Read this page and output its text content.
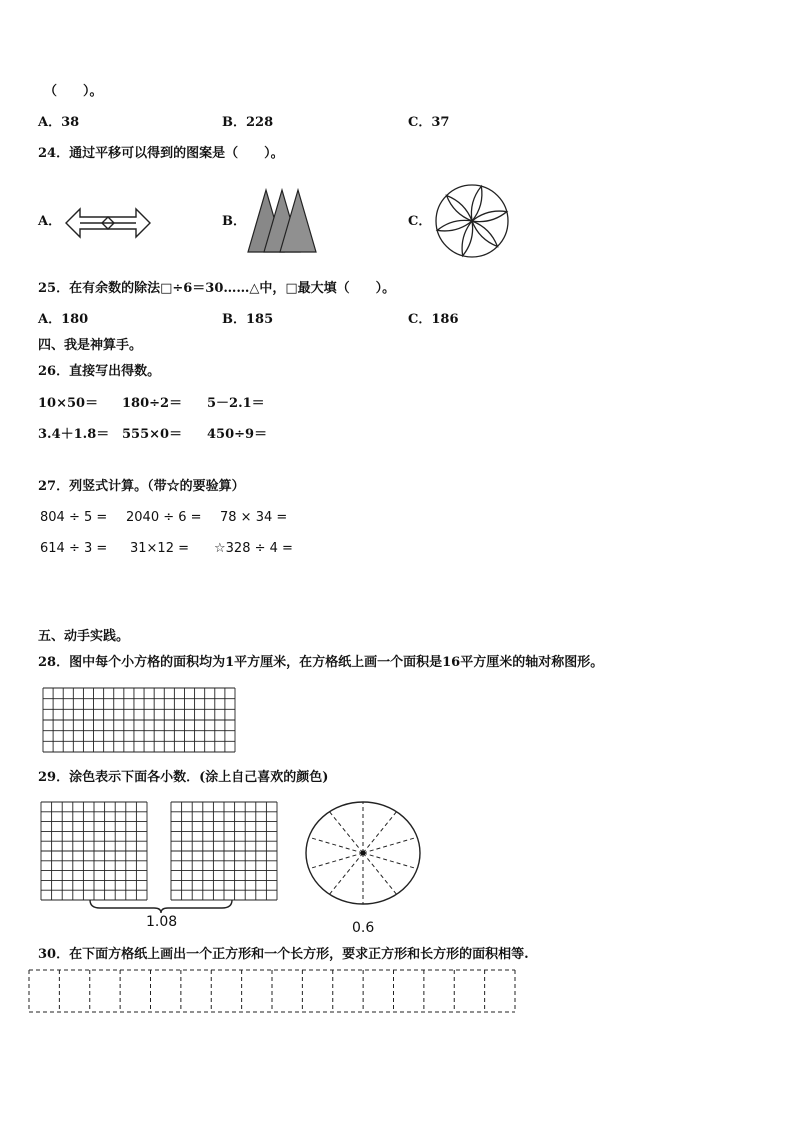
（　　）。
A．38	B．228	C．37
24．通过平移可以得到的图案是（　　）。
A．	B．	C．
25．在有余数的除法□÷6＝30……△中，□最大填（　　）。
A．180	B．185	C．186
四、我是神算手。
26．直接写出得数。
10×50＝ 180÷2＝ 5－2.1＝
3.4＋1.8＝ 555×0＝ 450÷9＝
27．列竖式计算。（带☆的要验算）
804 ÷ 5 = 2040 ÷ 6 = 78 × 34 =
614 ÷ 3 = 31×12 = ☆328 ÷ 4 =
五、动手实践。
28．图中每个小方格的面积均为1平方厘米，在方格纸上画一个面积是16平方厘米的轴对称图形。
29．涂色表示下面各小数．(涂上自己喜欢的颜色)
1.08	0.6
30．在下面方格纸上画出一个正方形和一个长方形，要求正方形和长方形的面积相等.
